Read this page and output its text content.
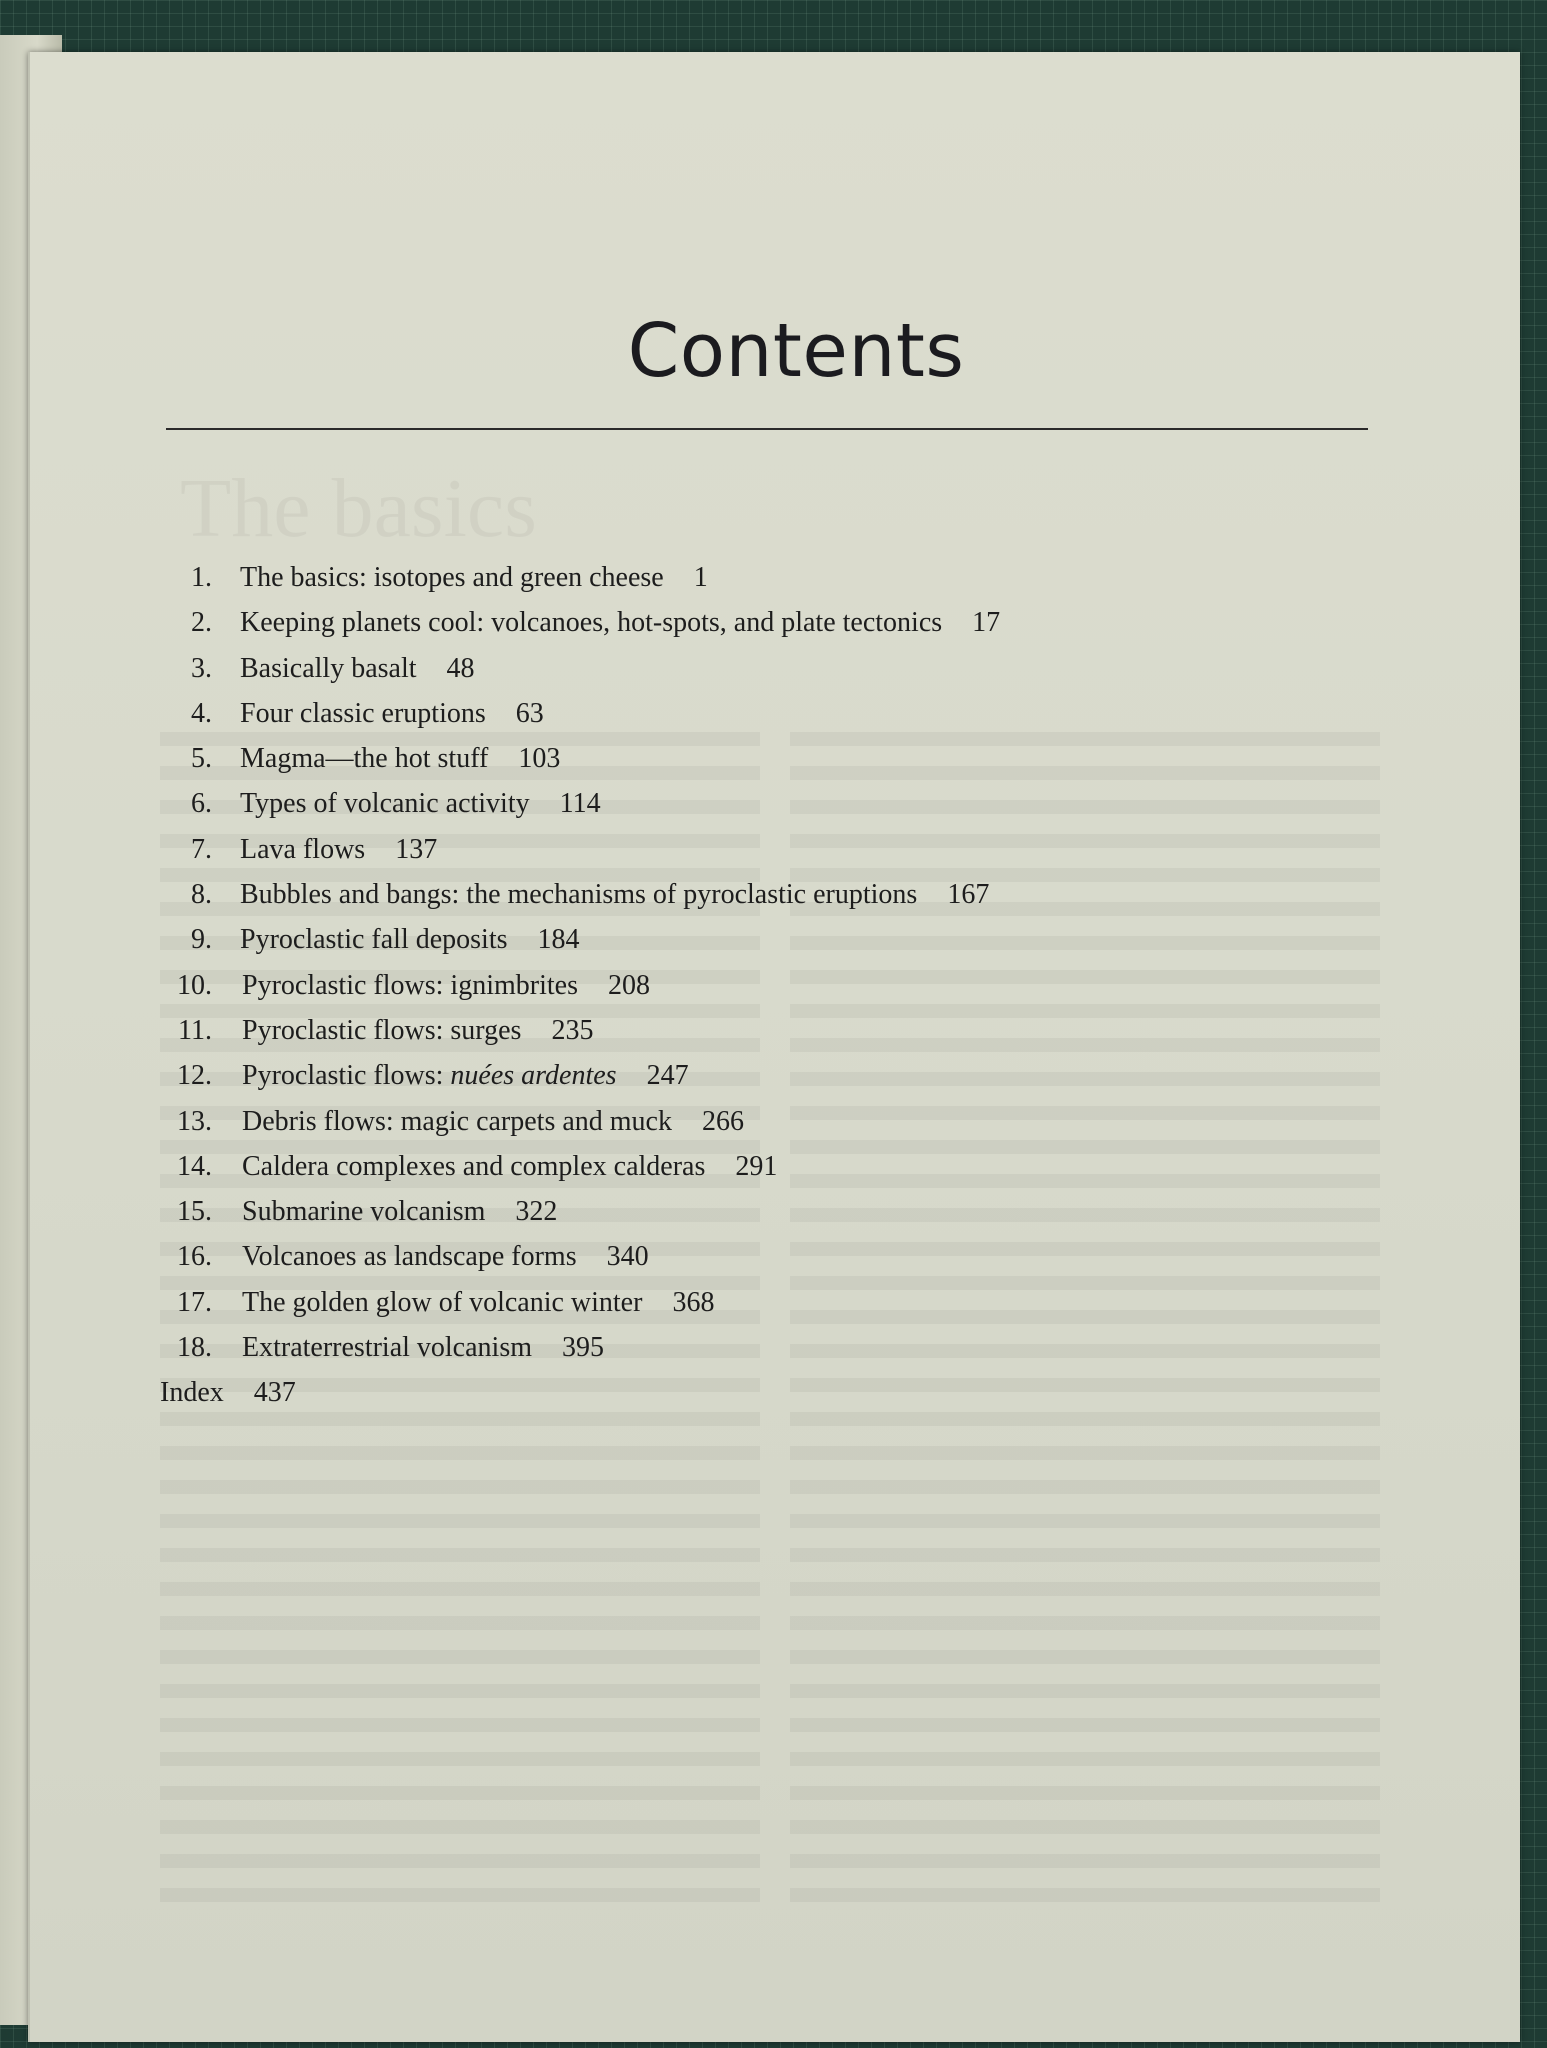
Contents
1. The basics: isotopes and green cheese 1
2. Keeping planets cool: volcanoes, hot-spots, and plate tectonics 17
3. Basically basalt 48
4. Four classic eruptions 63
5. Magma—the hot stuff 103
6. Types of volcanic activity 114
7. Lava flows 137
8. Bubbles and bangs: the mechanisms of pyroclastic eruptions 167
9. Pyroclastic fall deposits 184
10. Pyroclastic flows: ignimbrites 208
11. Pyroclastic flows: surges 235
12. Pyroclastic flows: nuées ardentes 247
13. Debris flows: magic carpets and muck 266
14. Caldera complexes and complex calderas 291
15. Submarine volcanism 322
16. Volcanoes as landscape forms 340
17. The golden glow of volcanic winter 368
18. Extraterrestrial volcanism 395
Index 437
